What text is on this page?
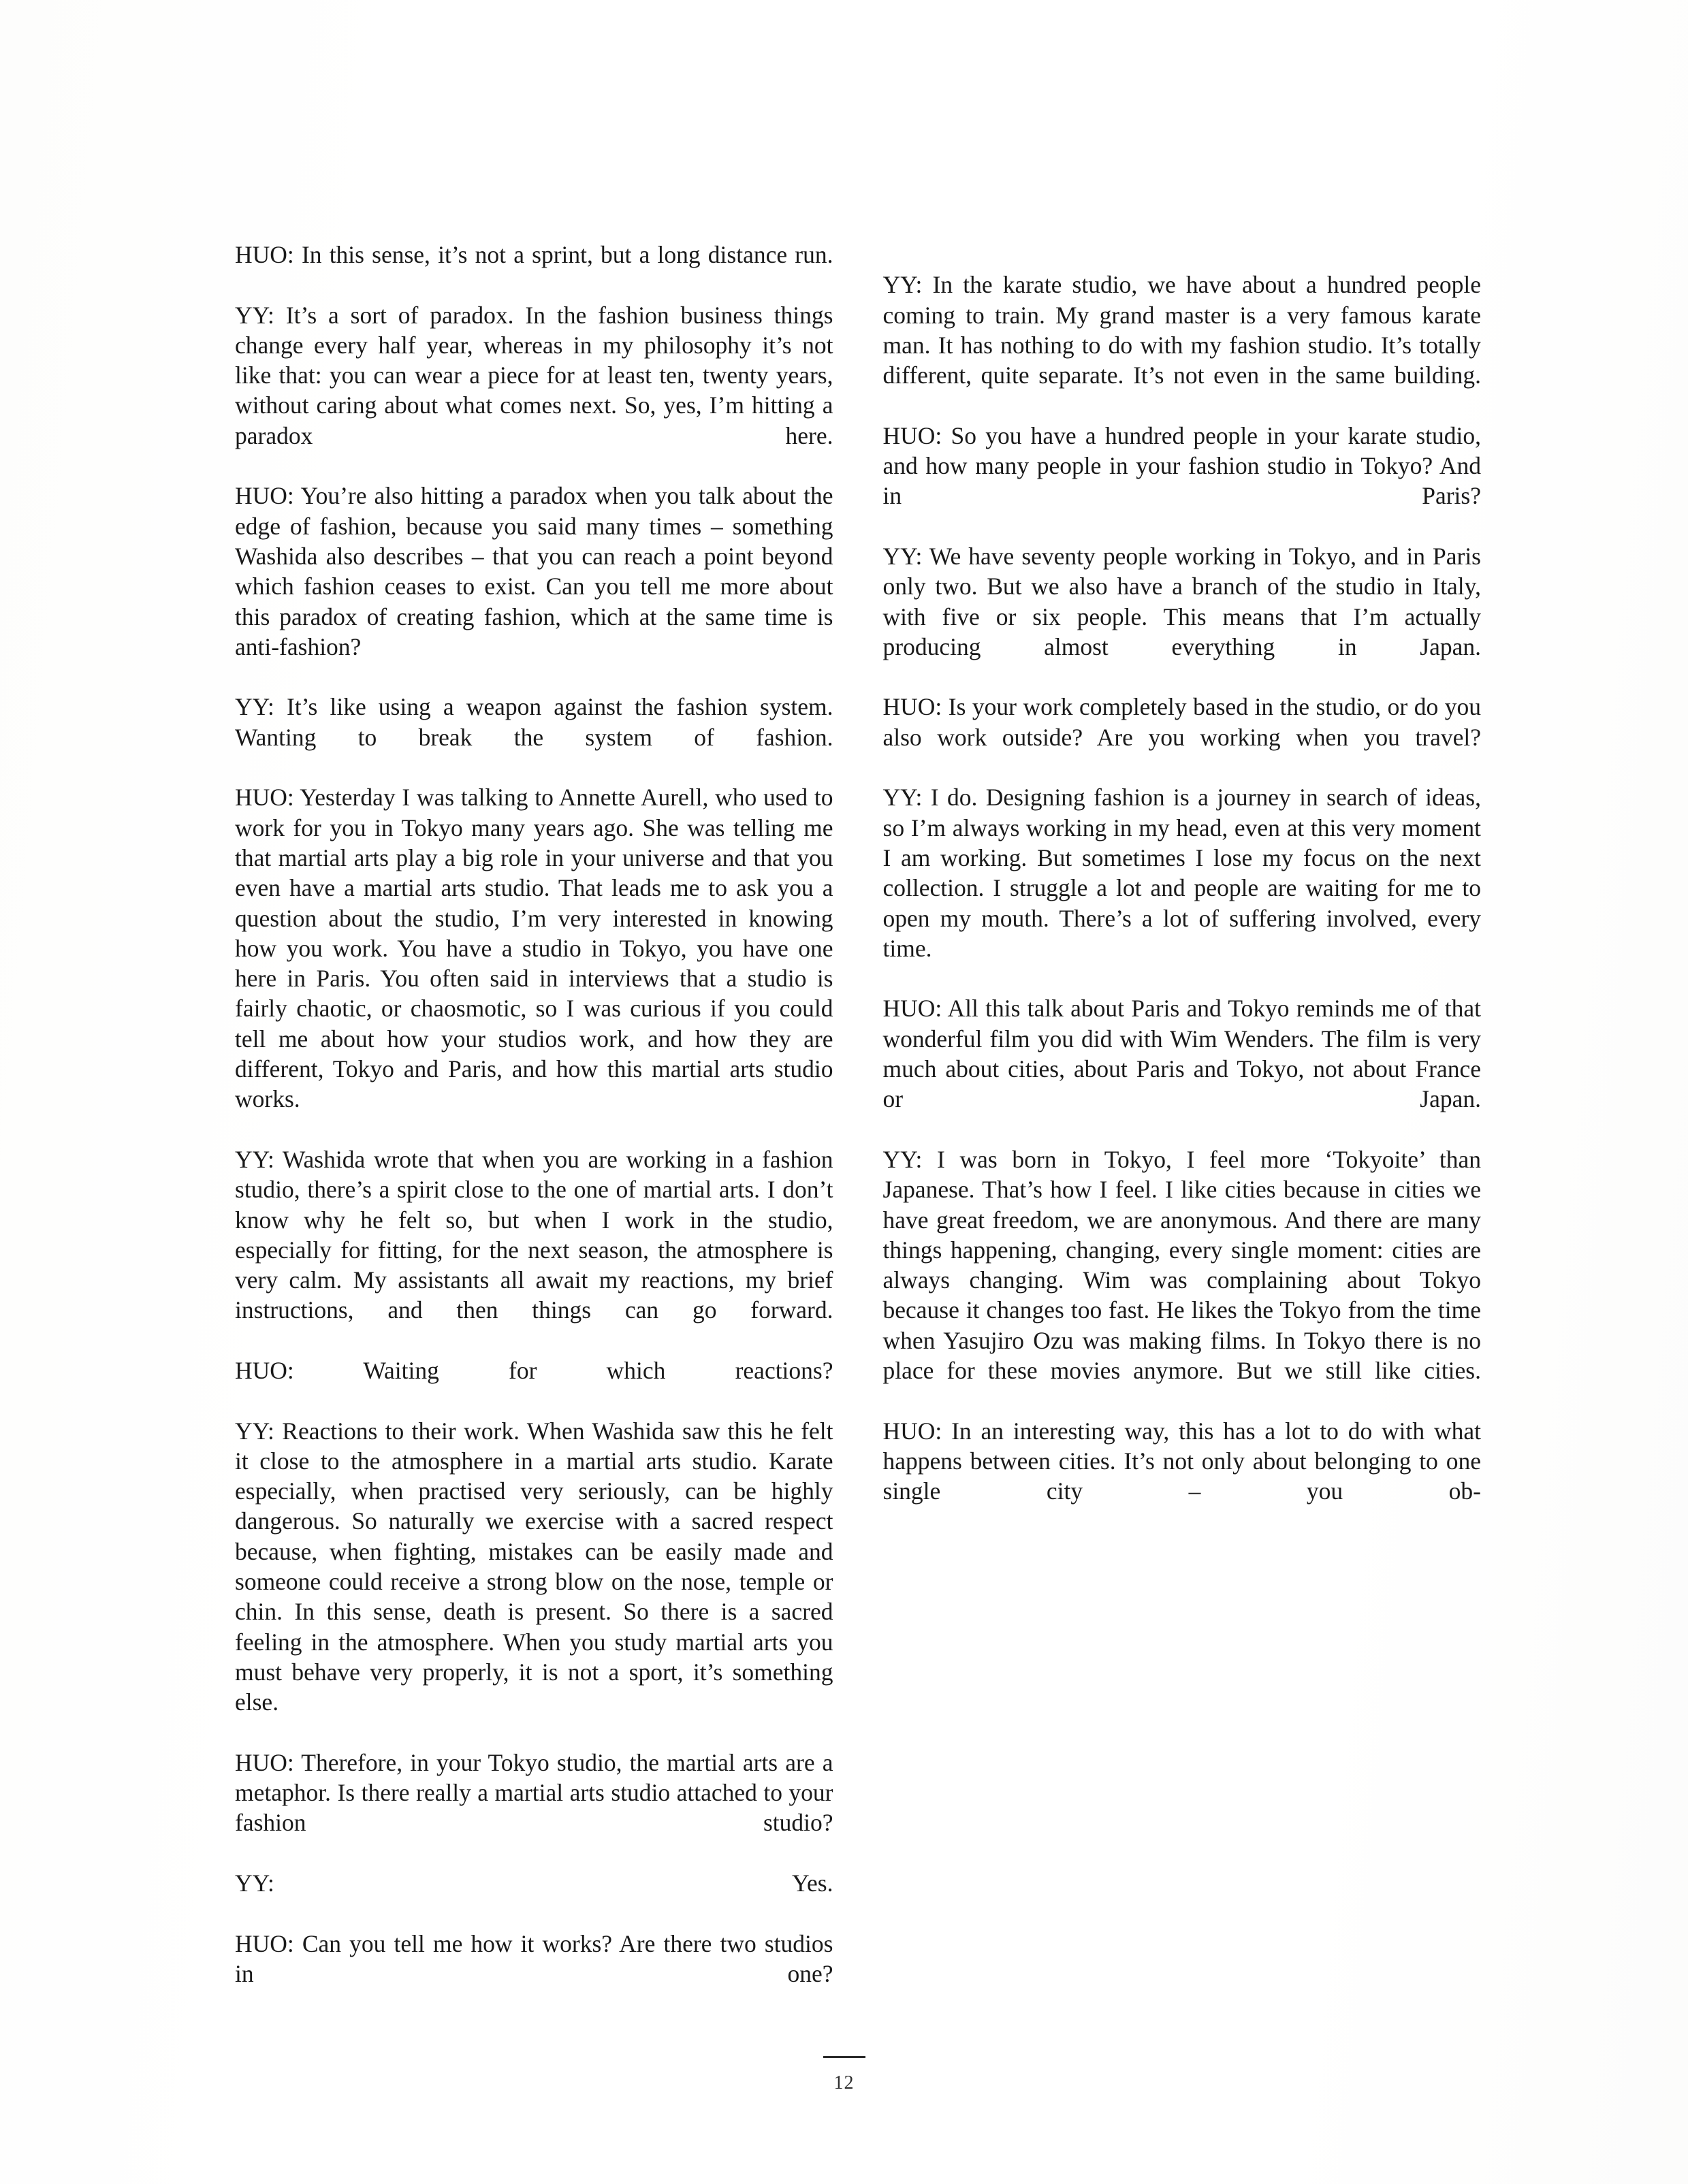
HUO: In this sense, it’s not a sprint, but a long distance run.

YY: It’s a sort of paradox. In the fashion business things change every half year, whereas in my philosophy it’s not like that: you can wear a piece for at least ten, twenty years, without caring about what comes next. So, yes, I’m hitting a paradox here.

HUO: You’re also hitting a paradox when you talk about the edge of fashion, because you said many times – something Washida also describes – that you can reach a point beyond which fashion ceases to exist. Can you tell me more about this paradox of creating fashion, which at the same time is anti-fashion?

YY: It’s like using a weapon against the fashion system. Wanting to break the system of fashion.

HUO: Yesterday I was talking to Annette Aurell, who used to work for you in Tokyo many years ago. She was telling me that martial arts play a big role in your universe and that you even have a martial arts studio. That leads me to ask you a question about the studio, I’m very interested in knowing how you work. You have a studio in Tokyo, you have one here in Paris. You often said in interviews that a studio is fairly chaotic, or chaosmotic, so I was curious if you could tell me about how your studios work, and how they are different, Tokyo and Paris, and how this martial arts studio works.

YY: Washida wrote that when you are working in a fashion studio, there’s a spirit close to the one of martial arts. I don’t know why he felt so, but when I work in the studio, especially for fitting, for the next season, the atmosphere is very calm. My assistants all await my reactions, my brief instructions, and then things can go forward.

HUO: Waiting for which reactions?

YY: Reactions to their work. When Washida saw this he felt it close to the atmosphere in a martial arts studio. Karate especially, when practised very seriously, can be highly dangerous. So naturally we exercise with a sacred respect because, when fighting, mistakes can be easily made and someone could receive a strong blow on the nose, temple or chin. In this sense, death is present. So there is a sacred feeling in the atmosphere. When you study martial arts you must behave very properly, it is not a sport, it’s something else.

HUO: Therefore, in your Tokyo studio, the martial arts are a metaphor. Is there really a martial arts studio attached to your fashion studio?

YY: Yes.

HUO: Can you tell me how it works? Are there two studios in one?

YY: In the karate studio, we have about a hundred people coming to train. My grand master is a very famous karate man. It has nothing to do with my fashion studio. It’s totally different, quite separate. It’s not even in the same building.

HUO: So you have a hundred people in your karate studio, and how many people in your fashion studio in Tokyo? And in Paris?

YY: We have seventy people working in Tokyo, and in Paris only two. But we also have a branch of the studio in Italy, with five or six people. This means that I’m actually producing almost everything in Japan.

HUO: Is your work completely based in the studio, or do you also work outside? Are you working when you travel?

YY: I do. Designing fashion is a journey in search of ideas, so I’m always working in my head, even at this very moment I am working. But sometimes I lose my focus on the next collection. I struggle a lot and people are waiting for me to open my mouth. There’s a lot of suffering involved, every time.

HUO: All this talk about Paris and Tokyo reminds me of that wonderful film you did with Wim Wenders. The film is very much about cities, about Paris and Tokyo, not about France or Japan.

YY: I was born in Tokyo, I feel more ‘Tokyoite’ than Japanese. That’s how I feel. I like cities because in cities we have great freedom, we are anonymous. And there are many things happening, changing, every single moment: cities are always changing. Wim was complaining about Tokyo because it changes too fast. He likes the Tokyo from the time when Yasujiro Ozu was making films. In Tokyo there is no place for these movies anymore. But we still like cities.

HUO: In an interesting way, this has a lot to do with what happens between cities. It’s not only about belonging to one single city – you ob-

12
